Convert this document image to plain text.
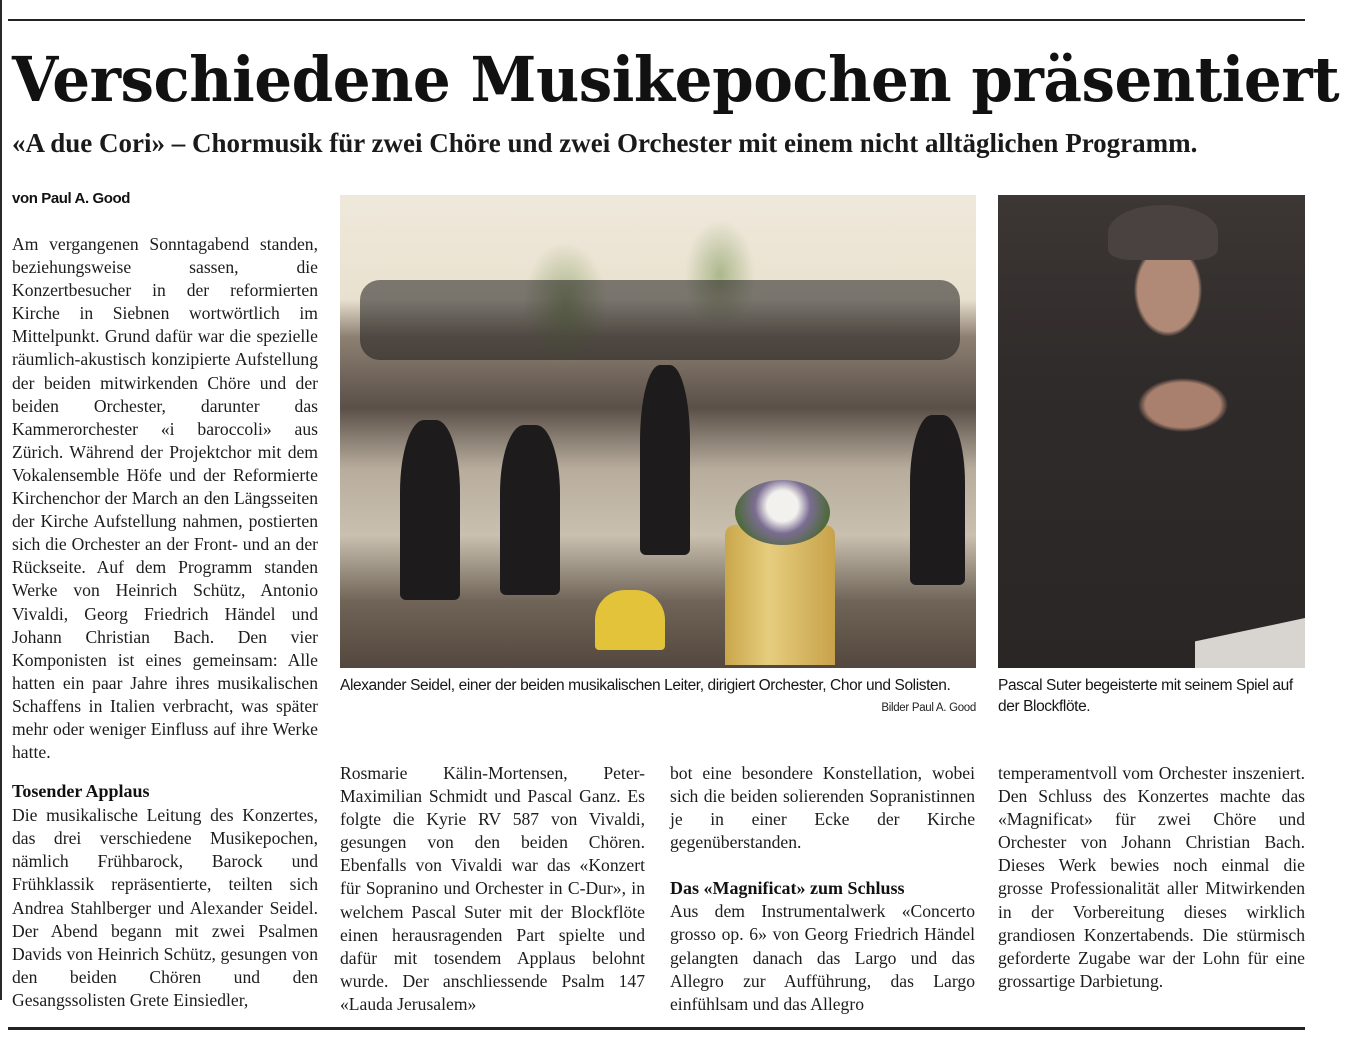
Verschiedene Musikepochen präsentiert
«A due Cori» – Chormusik für zwei Chöre und zwei Orchester mit einem nicht alltäglichen Programm.
von Paul A. Good

Am vergangenen Sonntagabend standen, beziehungsweise sassen, die Konzertbesucher in der reformierten Kirche in Siebnen wortwörtlich im Mittelpunkt. Grund dafür war die spezielle räumlich-akustisch konzipierte Aufstellung der beiden mitwirkenden Chöre und der beiden Orchester, darunter das Kammerorchester «i baroccoli» aus Zürich. Während der Projektchor mit dem Vokalensemble Höfe und der Reformierte Kirchenchor der March an den Längsseiten der Kirche Aufstellung nahmen, postierten sich die Orchester an der Front- und an der Rückseite. Auf dem Programm standen Werke von Heinrich Schütz, Antonio Vivaldi, Georg Friedrich Händel und Johann Christian Bach. Den vier Komponisten ist eines gemeinsam: Alle hatten ein paar Jahre ihres musikalischen Schaffens in Italien verbracht, was später mehr oder weniger Einfluss auf ihre Werke hatte.

Tosender Applaus

Die musikalische Leitung des Konzertes, das drei verschiedene Musikepochen, nämlich Frühbarock, Barock und Frühklassik repräsentierte, teilten sich Andrea Stahlberger und Alexander Seidel. Der Abend begann mit zwei Psalmen Davids von Heinrich Schütz, gesungen von den beiden Chören und den Gesangssolisten Grete Einsiedler,

Alexander Seidel, einer der beiden musikalischen Leiter, dirigiert Orchester, Chor und Solisten.
Bilder Paul A. Good
Pascal Suter begeisterte mit seinem Spiel auf der Blockflöte.

Rosmarie Kälin-Mortensen, Peter-Maximilian Schmidt und Pascal Ganz. Es folgte die Kyrie RV 587 von Vivaldi, gesungen von den beiden Chören. Ebenfalls von Vivaldi war das «Konzert für Sopranino und Orchester in C-Dur», in welchem Pascal Suter mit der Blockflöte einen herausragenden Part spielte und dafür mit tosendem Applaus belohnt wurde. Der anschliessende Psalm 147 «Lauda Jerusalem»

bot eine besondere Konstellation, wobei sich die beiden solierenden Sopranistinnen je in einer Ecke der Kirche gegenüberstanden.

Das «Magnificat» zum Schluss

Aus dem Instrumentalwerk «Concerto grosso op. 6» von Georg Friedrich Händel gelangten danach das Largo und das Allegro zur Aufführung, das Largo einfühlsam und das Allegro

temperamentvoll vom Orchester inszeniert. Den Schluss des Konzertes machte das «Magnificat» für zwei Chöre und Orchester von Johann Christian Bach. Dieses Werk bewies noch einmal die grosse Professionalität aller Mitwirkenden in der Vorbereitung dieses wirklich grandiosen Konzertabends. Die stürmisch geforderte Zugabe war der Lohn für eine grossartige Darbietung.
